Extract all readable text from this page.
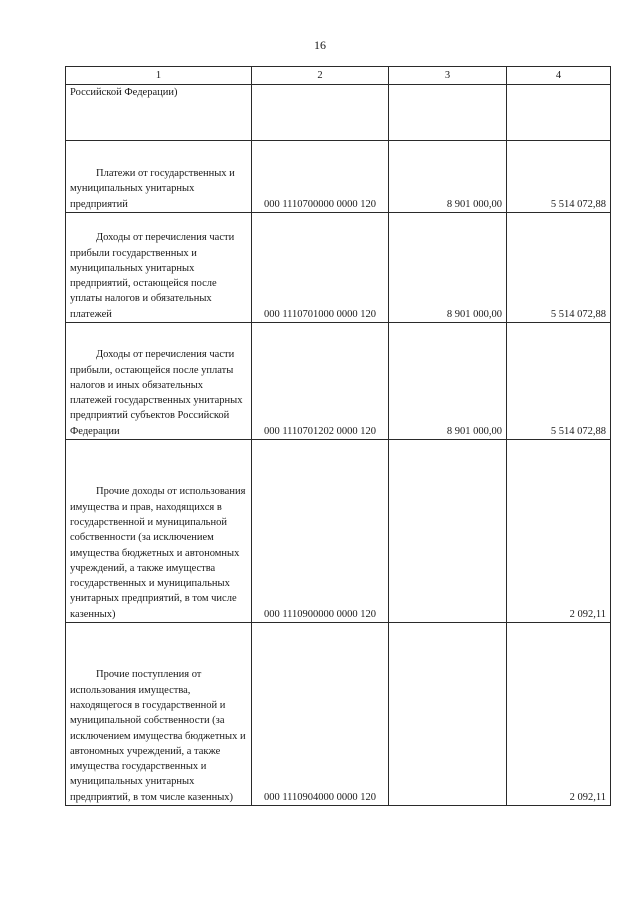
16
1	2	3	4

Российской Федерации)			

Платежи от государственных и муниципальных унитарных предприятий	000 1110700000 0000 120	8 901 000,00	5 514 072,88

Доходы от перечисления части прибыли государственных и муниципальных унитарных предприятий, остающейся после уплаты налогов и обязательных платежей	000 1110701000 0000 120	8 901 000,00	5 514 072,88

Доходы от перечисления части прибыли, остающейся после уплаты налогов и иных обязательных платежей государственных унитарных предприятий субъектов Российской Федерации	000 1110701202 0000 120	8 901 000,00	5 514 072,88

Прочие доходы от использования имущества и прав, находящихся в государственной и муниципальной собственности (за исключением имущества бюджетных и автономных учреждений, а также имущества государственных и муниципальных унитарных предприятий, в том числе казенных)	000 1110900000 0000 120		2 092,11

Прочие поступления от использования имущества, находящегося в государственной и муниципальной собственности (за исключением имущества бюджетных и автономных учреждений, а также имущества государственных и муниципальных унитарных предприятий, в том числе казенных)	000 1110904000 0000 120		2 092,11
